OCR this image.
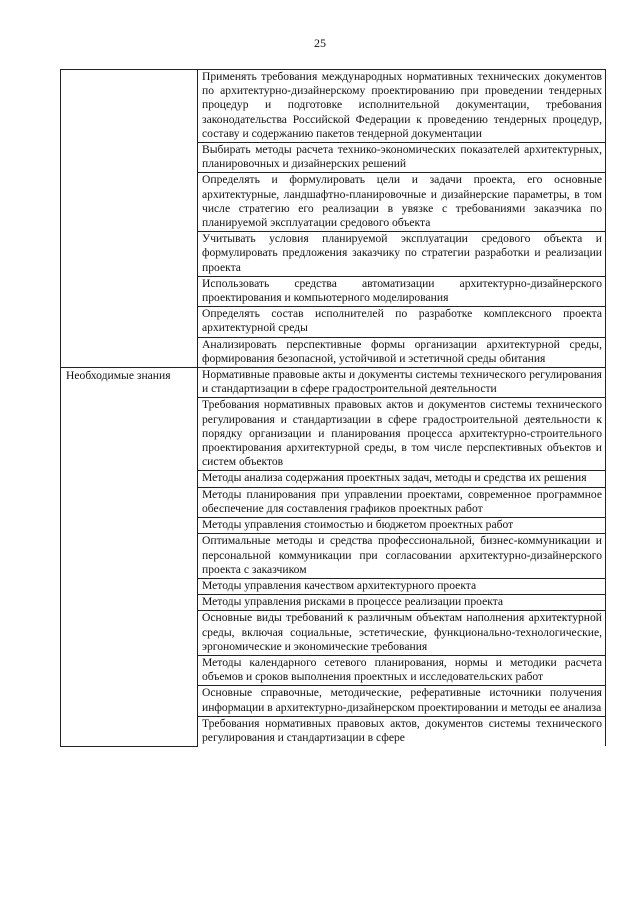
25
	Применять требования международных нормативных технических документов по архитектурно-дизайнерскому проектированию при проведении тендерных процедур и подготовке исполнительной документации, требования законодательства Российской Федерации к проведению тендерных процедур, составу и содержанию пакетов тендерной документации
	Выбирать методы расчета технико-экономических показателей архитектурных, планировочных и дизайнерских решений
	Определять и формулировать цели и задачи проекта, его основные архитектурные, ландшафтно-планировочные и дизайнерские параметры, в том числе стратегию его реализации в увязке с требованиями заказчика по планируемой эксплуатации средового объекта
	Учитывать условия планируемой эксплуатации средового объекта и формулировать предложения заказчику по стратегии разработки и реализации проекта
	Использовать средства автоматизации архитектурно-дизайнерского проектирования и компьютерного моделирования
	Определять состав исполнителей по разработке комплексного проекта архитектурной среды
	Анализировать перспективные формы организации архитектурной среды, формирования безопасной, устойчивой и эстетичной среды обитания
Необходимые знания	Нормативные правовые акты и документы системы технического регулирования и стандартизации в сфере градостроительной деятельности
	Требования нормативных правовых актов и документов системы технического регулирования и стандартизации в сфере градостроительной деятельности к порядку организации и планирования процесса архитектурно-строительного проектирования архитектурной среды, в том числе перспективных объектов и систем объектов
	Методы анализа содержания проектных задач, методы и средства их решения
	Методы планирования при управлении проектами, современное программное обеспечение для составления графиков проектных работ
	Методы управления стоимостью и бюджетом проектных работ
	Оптимальные методы и средства профессиональной, бизнес-коммуникации и персональной коммуникации при согласовании архитектурно-дизайнерского проекта с заказчиком
	Методы управления качеством архитектурного проекта
	Методы управления рисками в процессе реализации проекта
	Основные виды требований к различным объектам наполнения архитектурной среды, включая социальные, эстетические, функционально-технологические, эргономические и экономические требования
	Методы календарного сетевого планирования, нормы и методики расчета объемов и сроков выполнения проектных и исследовательских работ
	Основные справочные, методические, реферативные источники получения информации в архитектурно-дизайнерском проектировании и методы ее анализа
	Требования нормативных правовых актов, документов системы технического регулирования и стандартизации в сфере
